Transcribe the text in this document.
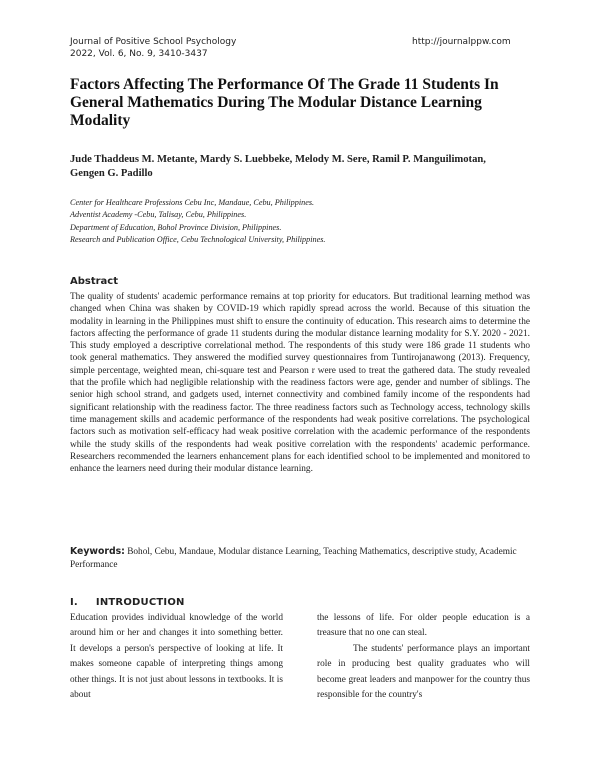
Journal of Positive School Psychology
2022, Vol. 6, No. 9, 3410-3437
http://journalppw.com
Factors Affecting The Performance Of The Grade 11 Students In General Mathematics During The Modular Distance Learning Modality
Jude Thaddeus M. Metante, Mardy S. Luebbeke, Melody M. Sere, Ramil P. Manguilimotan, Gengen G. Padillo
Center for Healthcare Professions Cebu Inc, Mandaue, Cebu, Philippines.
Adventist Academy -Cebu, Talisay, Cebu, Philippines.
Department of Education, Bohol Province Division, Philippines.
Research and Publication Office, Cebu Technological University, Philippines.
Abstract
The quality of students' academic performance remains at top priority for educators. But traditional learning method was changed when China was shaken by COVID-19 which rapidly spread across the world. Because of this situation the modality in learning in the Philippines must shift to ensure the continuity of education. This research aims to determine the factors affecting the performance of grade 11 students during the modular distance learning modality for S.Y. 2020 - 2021. This study employed a descriptive correlational method. The respondents of this study were 186 grade 11 students who took general mathematics. They answered the modified survey questionnaires from Tuntirojanawong (2013). Frequency, simple percentage, weighted mean, chi-square test and Pearson r were used to treat the gathered data. The study revealed that the profile which had negligible relationship with the readiness factors were age, gender and number of siblings. The senior high school strand, and gadgets used, internet connectivity and combined family income of the respondents had significant relationship with the readiness factor. The three readiness factors such as Technology access, technology skills time management skills and academic performance of the respondents had weak positive correlations. The psychological factors such as motivation self-efficacy had weak positive correlation with the academic performance of the respondents while the study skills of the respondents had weak positive correlation with the respondents' academic performance. Researchers recommended the learners enhancement plans for each identified school to be implemented and monitored to enhance the learners need during their modular distance learning.
Keywords: Bohol, Cebu, Mandaue, Modular distance Learning, Teaching Mathematics, descriptive study, Academic Performance
I. INTRODUCTION
Education provides individual knowledge of the world around him or her and changes it into something better. It develops a person's perspective of looking at life. It makes someone capable of interpreting things among other things. It is not just about lessons in textbooks. It is about
the lessons of life. For older people education is a treasure that no one can steal.
The students' performance plays an important role in producing best quality graduates who will become great leaders and manpower for the country thus responsible for the country's
